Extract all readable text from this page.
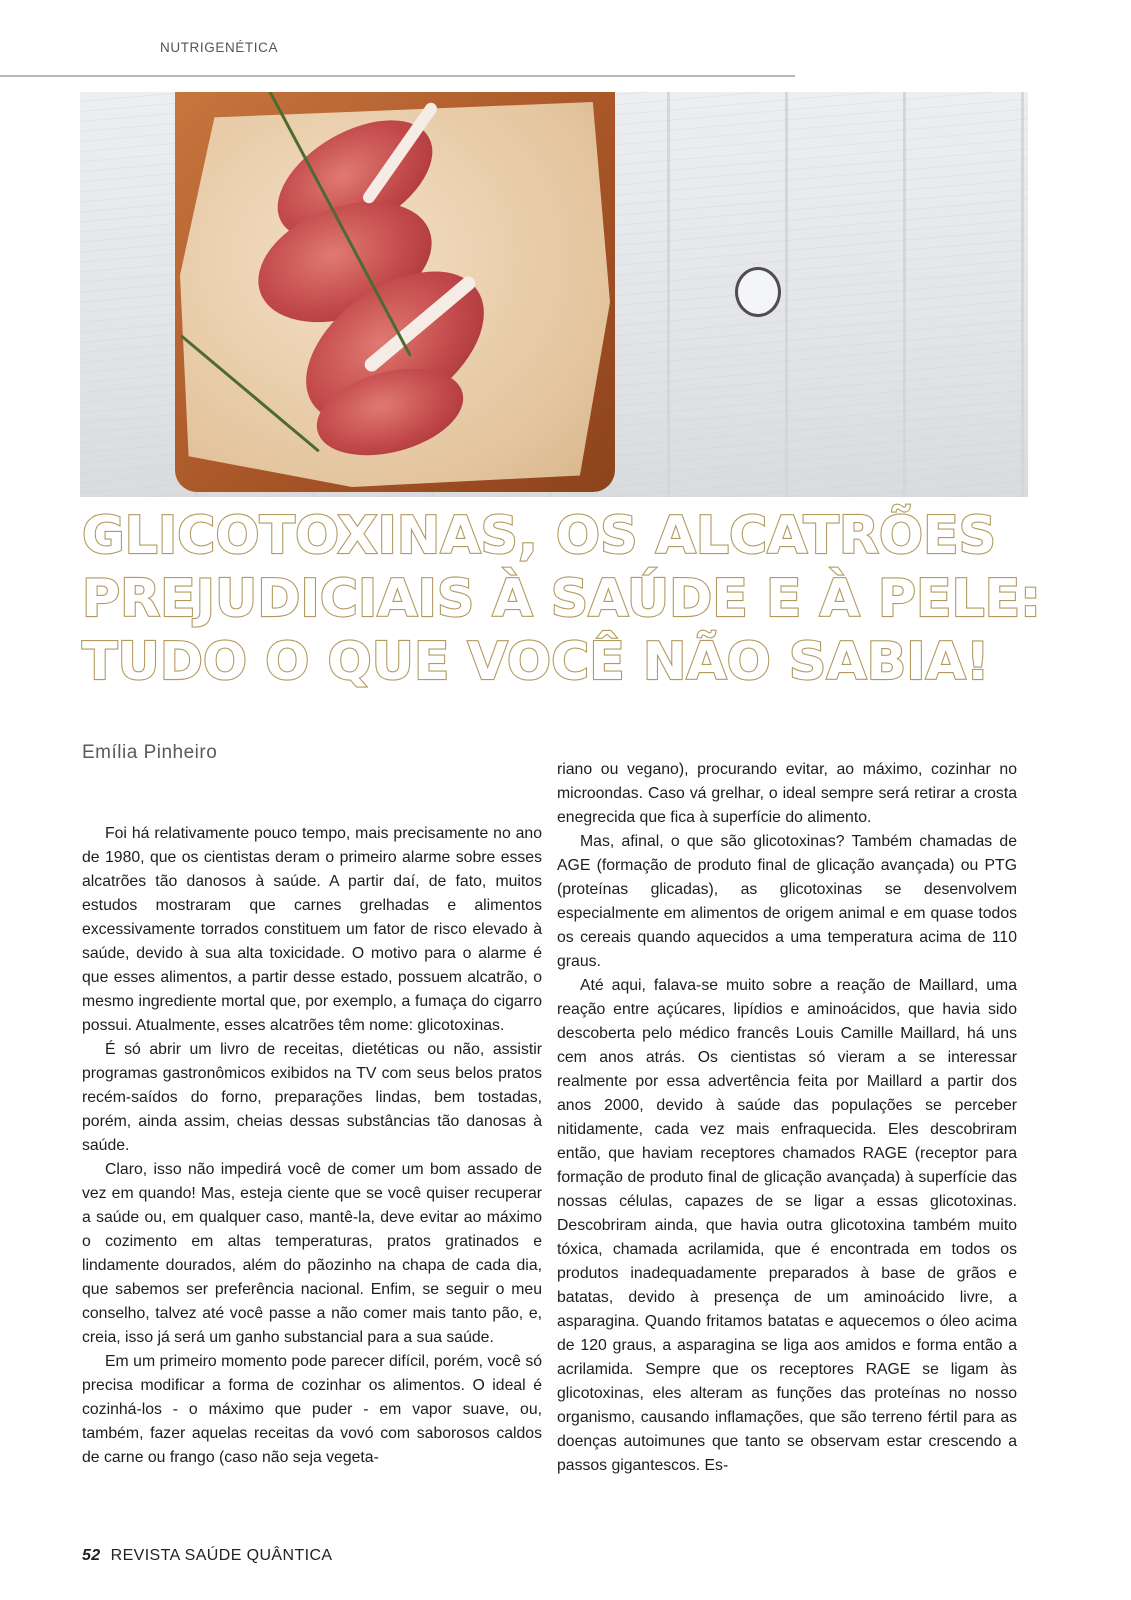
NUTRIGENÉTICA
GLICOTOXINAS, OS ALCATRÕES
PREJUDICIAIS À SAÚDE E À PELE:
TUDO O QUE VOCÊ NÃO SABIA!
Emília Pinheiro

Foi há relativamente pouco tempo, mais precisamente no ano de 1980, que os cientistas deram o primeiro alarme sobre esses alcatrões tão danosos à saúde. A partir daí, de fato, muitos estudos mostraram que carnes grelhadas e alimentos excessivamente torrados constituem um fator de risco elevado à saúde, devido à sua alta toxicidade. O motivo para o alarme é que esses alimentos, a partir desse estado, possuem alcatrão, o mesmo ingrediente mortal que, por exemplo, a fumaça do cigarro possui. Atualmente, esses alcatrões têm nome: glicotoxinas.

É só abrir um livro de receitas, dietéticas ou não, assistir programas gastronômicos exibidos na TV com seus belos pratos recém-saídos do forno, preparações lindas, bem tostadas, porém, ainda assim, cheias dessas substâncias tão danosas à saúde.

Claro, isso não impedirá você de comer um bom assado de vez em quando! Mas, esteja ciente que se você quiser recuperar a saúde ou, em qualquer caso, mantê-la, deve evitar ao máximo o cozimento em altas temperaturas, pratos gratinados e lindamente dourados, além do pãozinho na chapa de cada dia, que sabemos ser preferência nacional. Enfim, se seguir o meu conselho, talvez até você passe a não comer mais tanto pão, e, creia, isso já será um ganho substancial para a sua saúde.

Em um primeiro momento pode parecer difícil, porém, você só precisa modificar a forma de cozinhar os alimentos. O ideal é cozinhá-los - o máximo que puder - em vapor suave, ou, também, fazer aquelas receitas da vovó com saborosos caldos de carne ou frango (caso não seja vegeta-

riano ou vegano), procurando evitar, ao máximo, cozinhar no microondas. Caso vá grelhar, o ideal sempre será retirar a crosta enegrecida que fica à superfície do alimento.

Mas, afinal, o que são glicotoxinas? Também chamadas de AGE (formação de produto final de glicação avançada) ou PTG (proteínas glicadas), as glicotoxinas se desenvolvem especialmente em alimentos de origem animal e em quase todos os cereais quando aquecidos a uma temperatura acima de 110 graus.

Até aqui, falava-se muito sobre a reação de Maillard, uma reação entre açúcares, lipídios e aminoácidos, que havia sido descoberta pelo médico francês Louis Camille Maillard, há uns cem anos atrás. Os cientistas só vieram a se interessar realmente por essa advertência feita por Maillard a partir dos anos 2000, devido à saúde das populações se perceber nitidamente, cada vez mais enfraquecida. Eles descobriram então, que haviam receptores chamados RAGE (receptor para formação de produto final de glicação avançada) à superfície das nossas células, capazes de se ligar a essas glicotoxinas. Descobriram ainda, que havia outra glicotoxina também muito tóxica, chamada acrilamida, que é encontrada em todos os produtos inadequadamente preparados à base de grãos e batatas, devido à presença de um aminoácido livre, a asparagina. Quando fritamos batatas e aquecemos o óleo acima de 120 graus, a asparagina se liga aos amidos e forma então a acrilamida. Sempre que os receptores RAGE se ligam às glicotoxinas, eles alteram as funções das proteínas no nosso organismo, causando inflamações, que são terreno fértil para as doenças autoimunes que tanto se observam estar crescendo a passos gigantescos. Es-

52 REVISTA SAÚDE QUÂNTICA
